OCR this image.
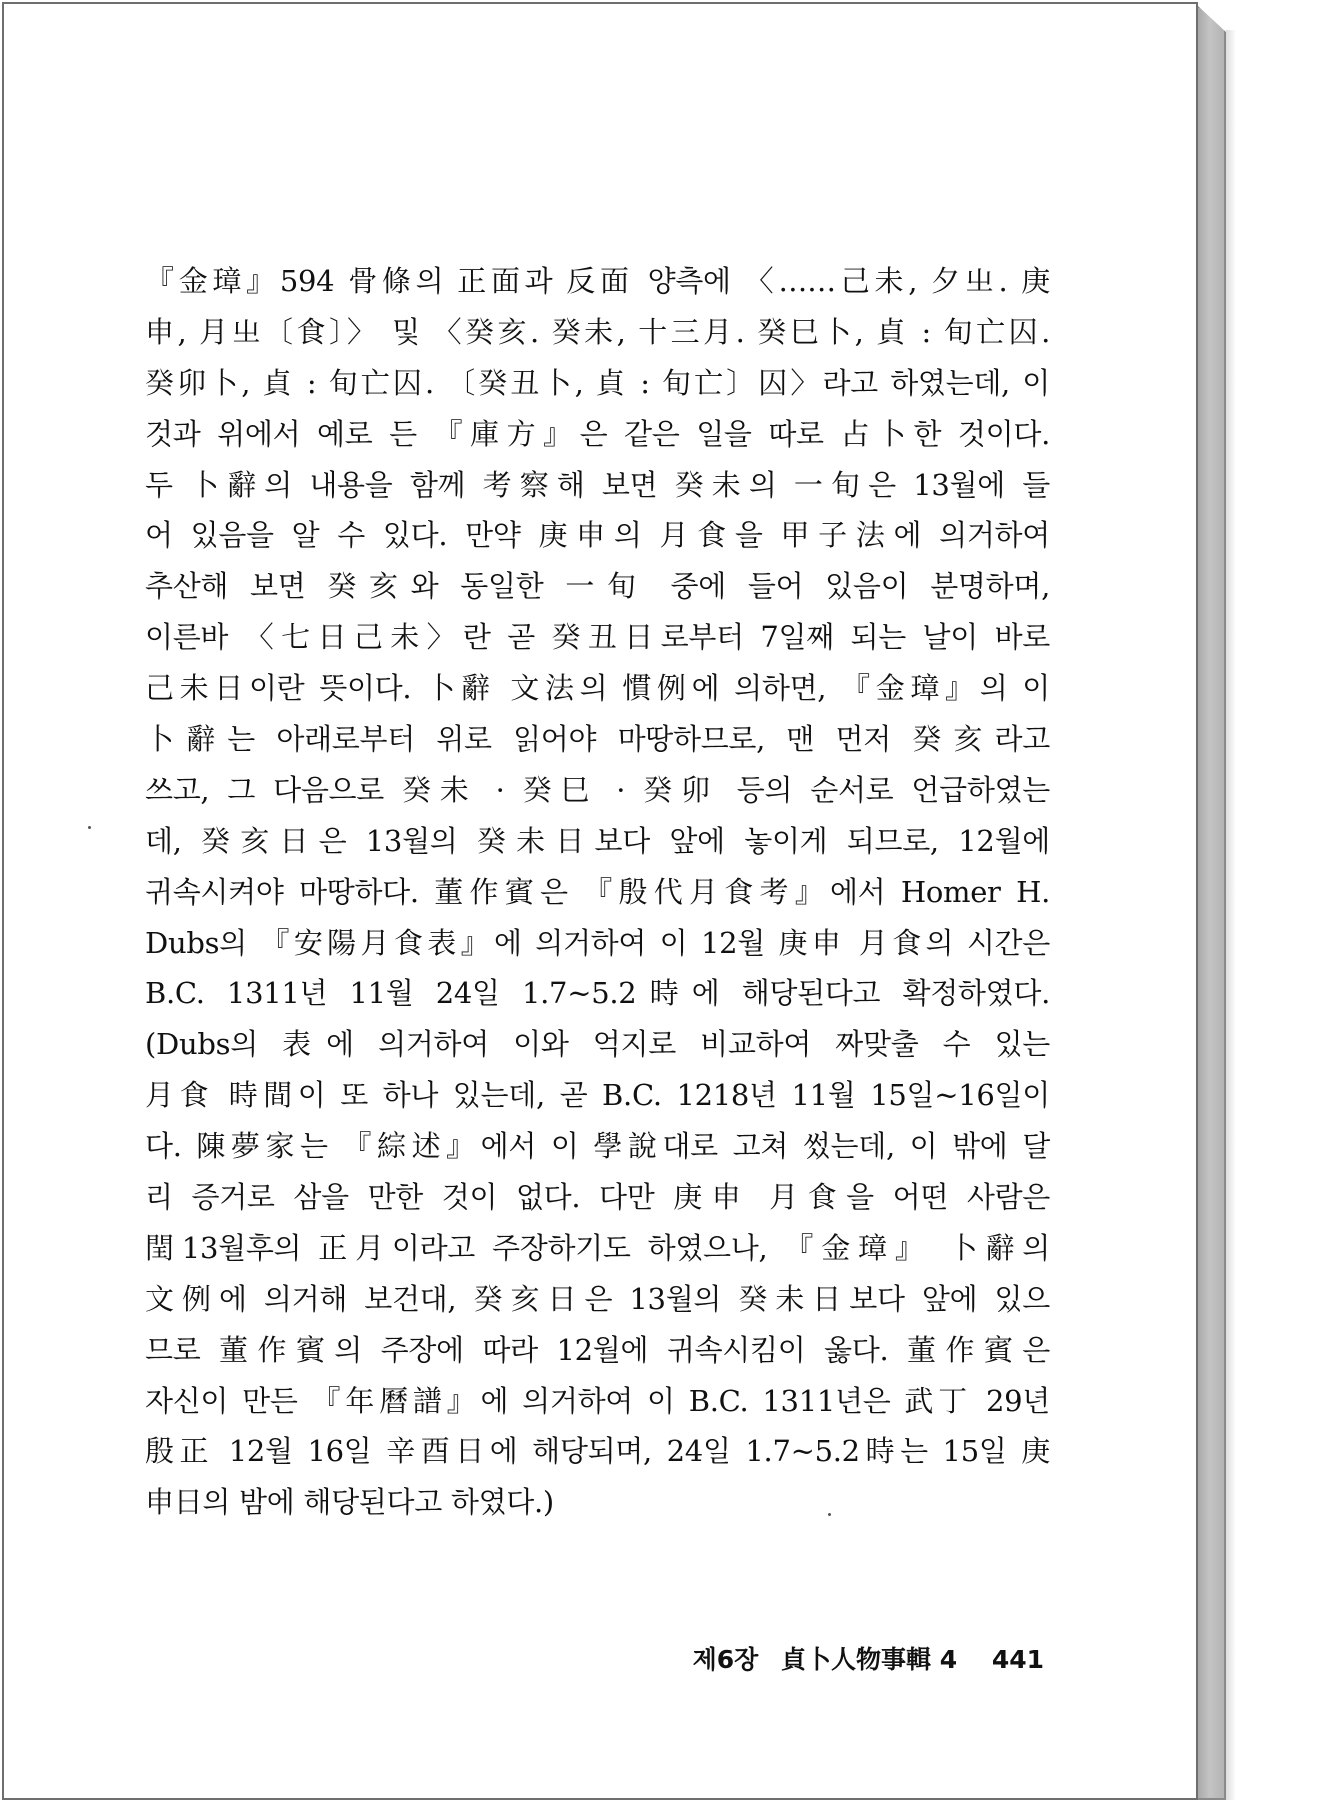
『金璋』594 骨條의 正面과 反面 양측에 〈……己未, 夕㞢. 庚
申, 月㞢〔食〕〉 및 〈癸亥. 癸未, 十三月. 癸巳卜, 貞 : 旬亡囚.
癸卯卜, 貞 : 旬亡囚. 〔癸丑卜, 貞 : 旬亡〕囚〉라고 하였는데, 이
것과 위에서 예로 든 『庫方』은 같은 일을 따로 占卜한 것이다.
두 卜辭의 내용을 함께 考察해 보면 癸未의 一旬은 13월에 들
어 있음을 알 수 있다. 만약 庚申의 月食을 甲子法에 의거하여
추산해 보면 癸亥와 동일한 一旬 중에 들어 있음이 분명하며,
이른바 〈七日己未〉란 곧 癸丑日로부터 7일째 되는 날이 바로
己未日이란 뜻이다. 卜辭 文法의 慣例에 의하면, 『金璋』의 이
卜辭는 아래로부터 위로 읽어야 마땅하므로, 맨 먼저 癸亥라고
쓰고, 그 다음으로 癸未 · 癸巳 · 癸卯 등의 순서로 언급하였는
데, 癸亥日은 13월의 癸未日보다 앞에 놓이게 되므로, 12월에
귀속시켜야 마땅하다. 董作賓은 『殷代月食考』에서 Homer H.
Dubs의 『安陽月食表』에 의거하여 이 12월 庚申 月食의 시간은
B.C. 1311년 11월 24일 1.7~5.2時에 해당된다고 확정하였다.
(Dubs의 表에 의거하여 이와 억지로 비교하여 짜맞출 수 있는
月食 時間이 또 하나 있는데, 곧 B.C. 1218년 11월 15일~16일이
다. 陳夢家는 『綜述』에서 이 學說대로 고쳐 썼는데, 이 밖에 달
리 증거로 삼을 만한 것이 없다. 다만 庚申 月食을 어떤 사람은
閏13월후의 正月이라고 주장하기도 하였으나, 『金璋』 卜辭의
文例에 의거해 보건대, 癸亥日은 13월의 癸未日보다 앞에 있으
므로 董作賓의 주장에 따라 12월에 귀속시킴이 옳다. 董作賓은
자신이 만든 『年曆譜』에 의거하여 이 B.C. 1311년은 武丁 29년
殷正 12월 16일 辛酉日에 해당되며, 24일 1.7~5.2時는 15일 庚
申日의 밤에 해당된다고 하였다.)
제6장 貞卜人物事輯 4 441
